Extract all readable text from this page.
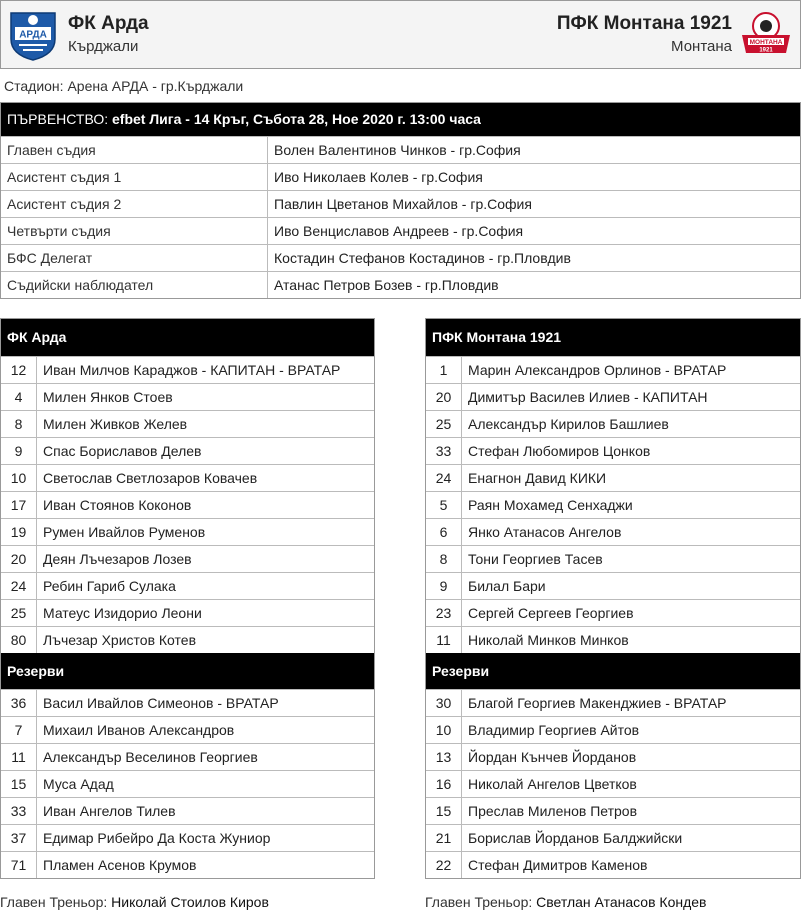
АРДА
ФК Арда
Кърджали
ПФК Монтана 1921
Монтана	МОНТАНА
1921
Стадион: Арена АРДА - гр.Кърджали
ПЪРВЕНСТВО: efbet Лига - 14 Кръг, Събота 28, Ное 2020 г. 13:00 часа
Главен съдия	Волен Валентинов Чинков - гр.София
Асистент съдия 1	Иво Николаев Колев - гр.София
Асистент съдия 2	Павлин Цветанов Михайлов - гр.София
Четвърти съдия	Иво Венциславов Андреев - гр.София
БФС Делегат	Костадин Стефанов Костадинов - гр.Пловдив
Съдийски наблюдател	Атанас Петров Бозев - гр.Пловдив
ФК Арда
12	Иван Милчов Караджов - КАПИТАН - ВРАТАР
4	Милен Янков Стоев
8	Милен Живков Желев
9	Спас Бориславов Делев
10	Светослав Светлозаров Ковачев
17	Иван Стоянов Коконов
19	Румен Ивайлов Руменов
20	Деян Лъчезаров Лозев
24	Ребин Гариб Сулака
25	Матеус Изидорио Леони
80	Лъчезар Христов Котев
Резерви
36	Васил Ивайлов Симеонов - ВРАТАР
7	Михаил Иванов Александров
11	Александър Веселинов Георгиев
15	Муса Адад
33	Иван Ангелов Тилев
37	Едимар Рибейро Да Коста Жуниор
71	Пламен Асенов Крумов
ПФК Монтана 1921
1	Марин Александров Орлинов - ВРАТАР
20	Димитър Василев Илиев - КАПИТАН
25	Александър Кирилов Башлиев
33	Стефан Любомиров Цонков
24	Енагнон Давид КИКИ
5	Раян Мохамед Сенхаджи
6	Янко Атанасов Ангелов
8	Тони Георгиев Тасев
9	Билал Бари
23	Сергей Сергеев Георгиев
11	Николай Минков Минков
Резерви
30	Благой Георгиев Макенджиев - ВРАТАР
10	Владимир Георгиев Айтов
13	Йордан Кънчев Йорданов
16	Николай Ангелов Цветков
15	Преслав Миленов Петров
21	Борислав Йорданов Балджийски
22	Стефан Димитров Каменов
Главен Треньор: Николай Стоилов Киров	Главен Треньор: Светлан Атанасов Кондев
